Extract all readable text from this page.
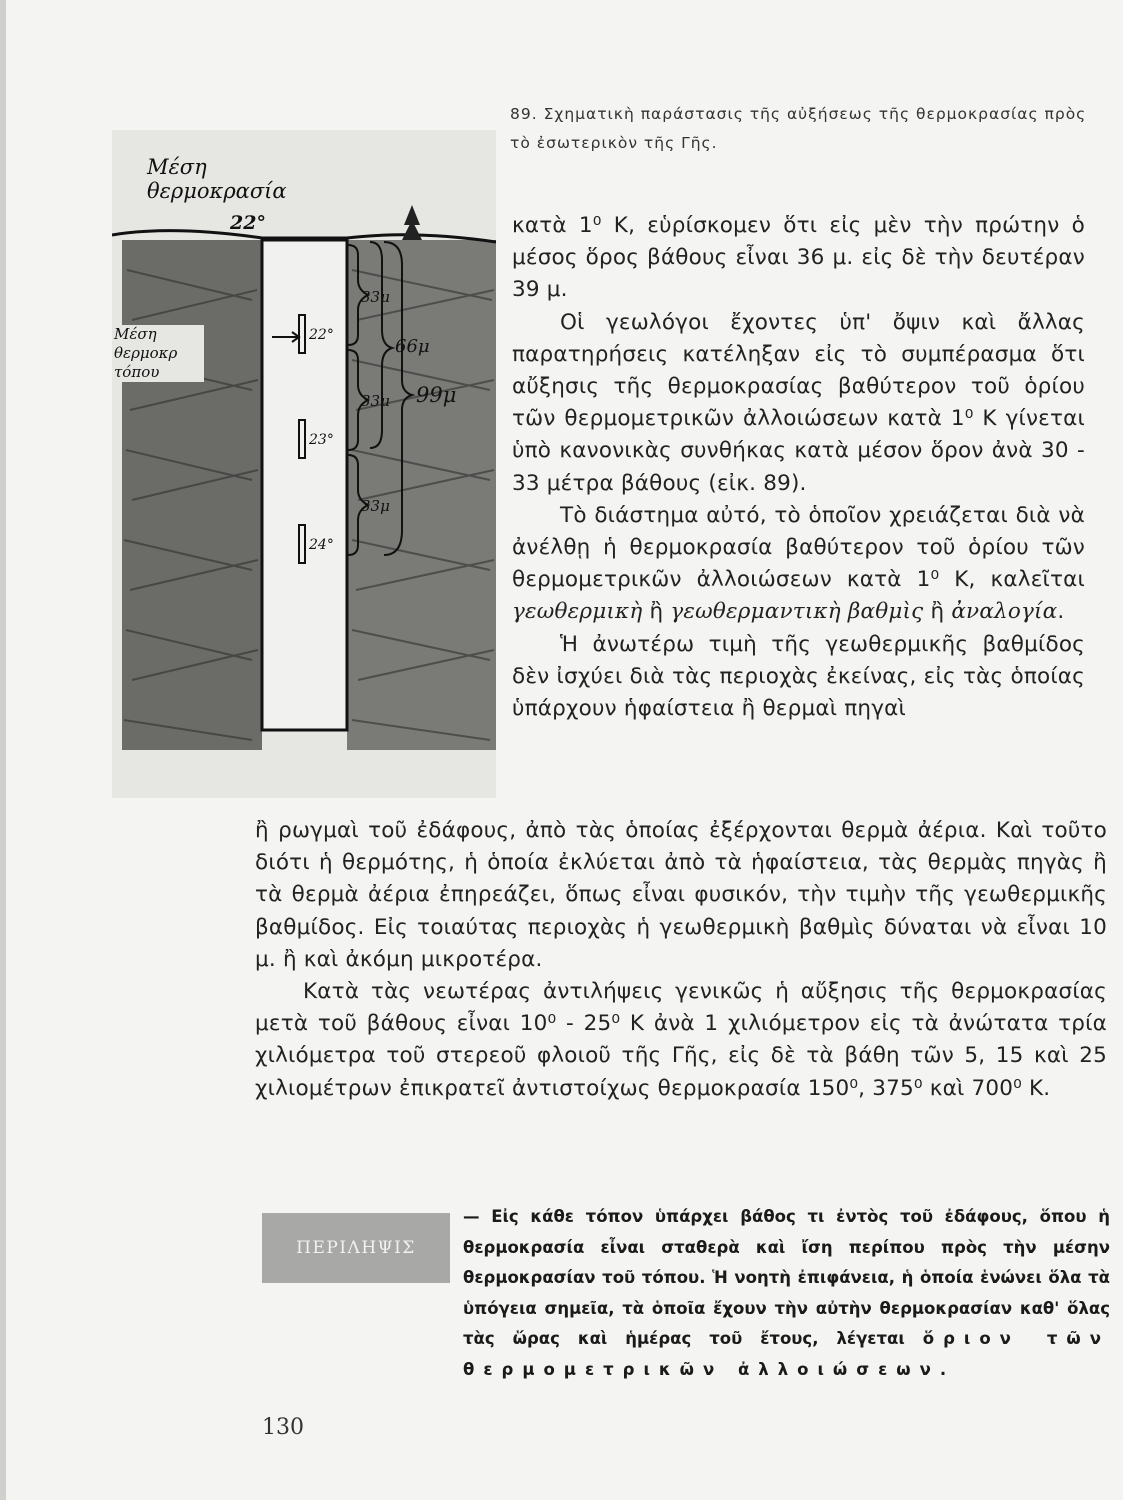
Μέση θερμοκρασία
22°
Μέση θερμοκρ τόπου
22°
23°
24°
33μ
33μ
33μ
66μ
99μ

89. Σχηματικὴ παράστασις τῆς αὐξήσεως τῆς θερμοκρασίας πρὸς τὸ ἐσωτερικὸν τῆς Γῆς.

κατὰ 1⁰ Κ, εὑρίσκομεν ὅτι εἰς μὲν τὴν πρώτην ὁ μέσος ὅρος βάθους εἶναι 36 μ. εἰς δὲ τὴν δευτέραν 39 μ.

Οἱ γεωλόγοι ἔχοντες ὑπ' ὄψιν καὶ ἄλλας παρατηρήσεις κατέληξαν εἰς τὸ συμπέρασμα ὅτι αὔξησις τῆς θερμοκρασίας βαθύτερον τοῦ ὁρίου τῶν θερμομετρικῶν ἀλλοιώσεων κατὰ 1⁰ Κ γίνεται ὑπὸ κανονικὰς συνθήκας κατὰ μέσον ὅρον ἀνὰ 30 - 33 μέτρα βάθους (εἰκ. 89).

Τὸ διάστημα αὐτό, τὸ ὁποῖον χρειάζεται διὰ νὰ ἀνέλθῃ ἡ θερμοκρασία βαθύτερον τοῦ ὁρίου τῶν θερμομετρικῶν ἀλλοιώσεων κατὰ 1⁰ Κ, καλεῖται γεωθερμικὴ ἢ γεωθερμαντικὴ βαθμὶς ἢ ἀναλογία.

Ἡ ἀνωτέρω τιμὴ τῆς γεωθερμικῆς βαθμίδος δὲν ἰσχύει διὰ τὰς περιοχὰς ἐκείνας, εἰς τὰς ὁποίας ὑπάρχουν ἡφαίστεια ἢ θερμαὶ πηγαὶ

ἢ ρωγμαὶ τοῦ ἐδάφους, ἀπὸ τὰς ὁποίας ἐξέρχονται θερμὰ ἀέρια. Καὶ τοῦτο διότι ἡ θερμότης, ἡ ὁποία ἐκλύεται ἀπὸ τὰ ἡφαίστεια, τὰς θερμὰς πηγὰς ἢ τὰ θερμὰ ἀέρια ἐπηρεάζει, ὅπως εἶναι φυσικόν, τὴν τιμὴν τῆς γεωθερμικῆς βαθμίδος. Εἰς τοιαύτας περιοχὰς ἡ γεωθερμικὴ βαθμὶς δύναται νὰ εἶναι 10 μ. ἢ καὶ ἀκόμη μικροτέρα.

Κατὰ τὰς νεωτέρας ἀντιλήψεις γενικῶς ἡ αὔξησις τῆς θερμοκρασίας μετὰ τοῦ βάθους εἶναι 10⁰ - 25⁰ Κ ἀνὰ 1 χιλιόμετρον εἰς τὰ ἀνώτατα τρία χιλιόμετρα τοῦ στερεοῦ φλοιοῦ τῆς Γῆς, εἰς δὲ τὰ βάθη τῶν 5, 15 καὶ 25 χιλιομέτρων ἐπικρατεῖ ἀντιστοίχως θερμοκρασία 150⁰, 375⁰ καὶ 700⁰ Κ.

ΠΕΡΙΛΗΨΙΣ

— Εἰς κάθε τόπον ὑπάρχει βάθος τι ἐντὸς τοῦ ἐδάφους, ὅπου ἡ θερμοκρασία εἶναι σταθερὰ καὶ ἴση περίπου πρὸς τὴν μέσην θερμοκρασίαν τοῦ τόπου. Ἡ νοητὴ ἐπιφάνεια, ἡ ὁποία ἑνώνει ὅλα τὰ ὑπόγεια σημεῖα, τὰ ὁποῖα ἔχουν τὴν αὐτὴν θερμοκρασίαν καθ' ὅλας τὰς ὥρας καὶ ἡμέρας τοῦ ἔτους, λέγεται ὅριον τῶν θερμομετρικῶν ἀλλοιώσεων.

130
